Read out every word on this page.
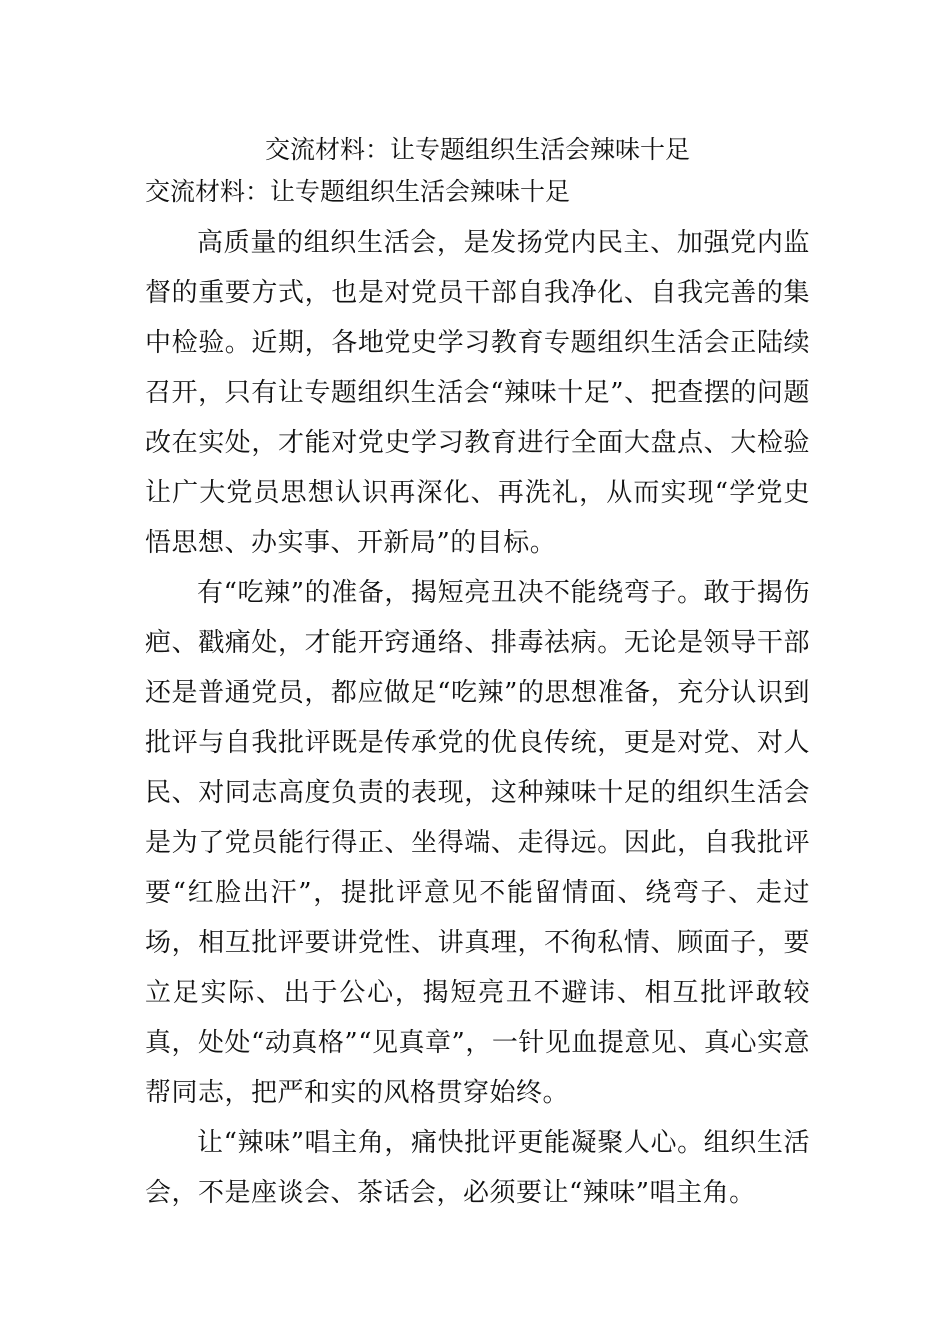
交流材料：让专题组织生活会辣味十足
交流材料：让专题组织生活会辣味十足

高质量的组织生活会，是发扬党内民主、加强党内监督的重要方式，也是对党员干部自我净化、自我完善的集中检验。近期，各地党史学习教育专题组织生活会正陆续召开，只有让专题组织生活会“辣味十足”、把查摆的问题改在实处，才能对党史学习教育进行全面大盘点、大检验让广大党员思想认识再深化、再洗礼，从而实现“学党史悟思想、办实事、开新局”的目标。

有“吃辣”的准备，揭短亮丑决不能绕弯子。敢于揭伤疤、戳痛处，才能开窍通络、排毒祛病。无论是领导干部还是普通党员，都应做足“吃辣”的思想准备，充分认识到批评与自我批评既是传承党的优良传统，更是对党、对人民、对同志高度负责的表现，这种辣味十足的组织生活会是为了党员能行得正、坐得端、走得远。因此，自我批评要“红脸出汗”，提批评意见不能留情面、绕弯子、走过场，相互批评要讲党性、讲真理，不徇私情、顾面子，要立足实际、出于公心，揭短亮丑不避讳、相互批评敢较真，处处“动真格”“见真章”，一针见血提意见、真心实意帮同志，把严和实的风格贯穿始终。

让“辣味”唱主角，痛快批评更能凝聚人心。组织生活会，不是座谈会、茶话会，必须要让“辣味”唱主角。
